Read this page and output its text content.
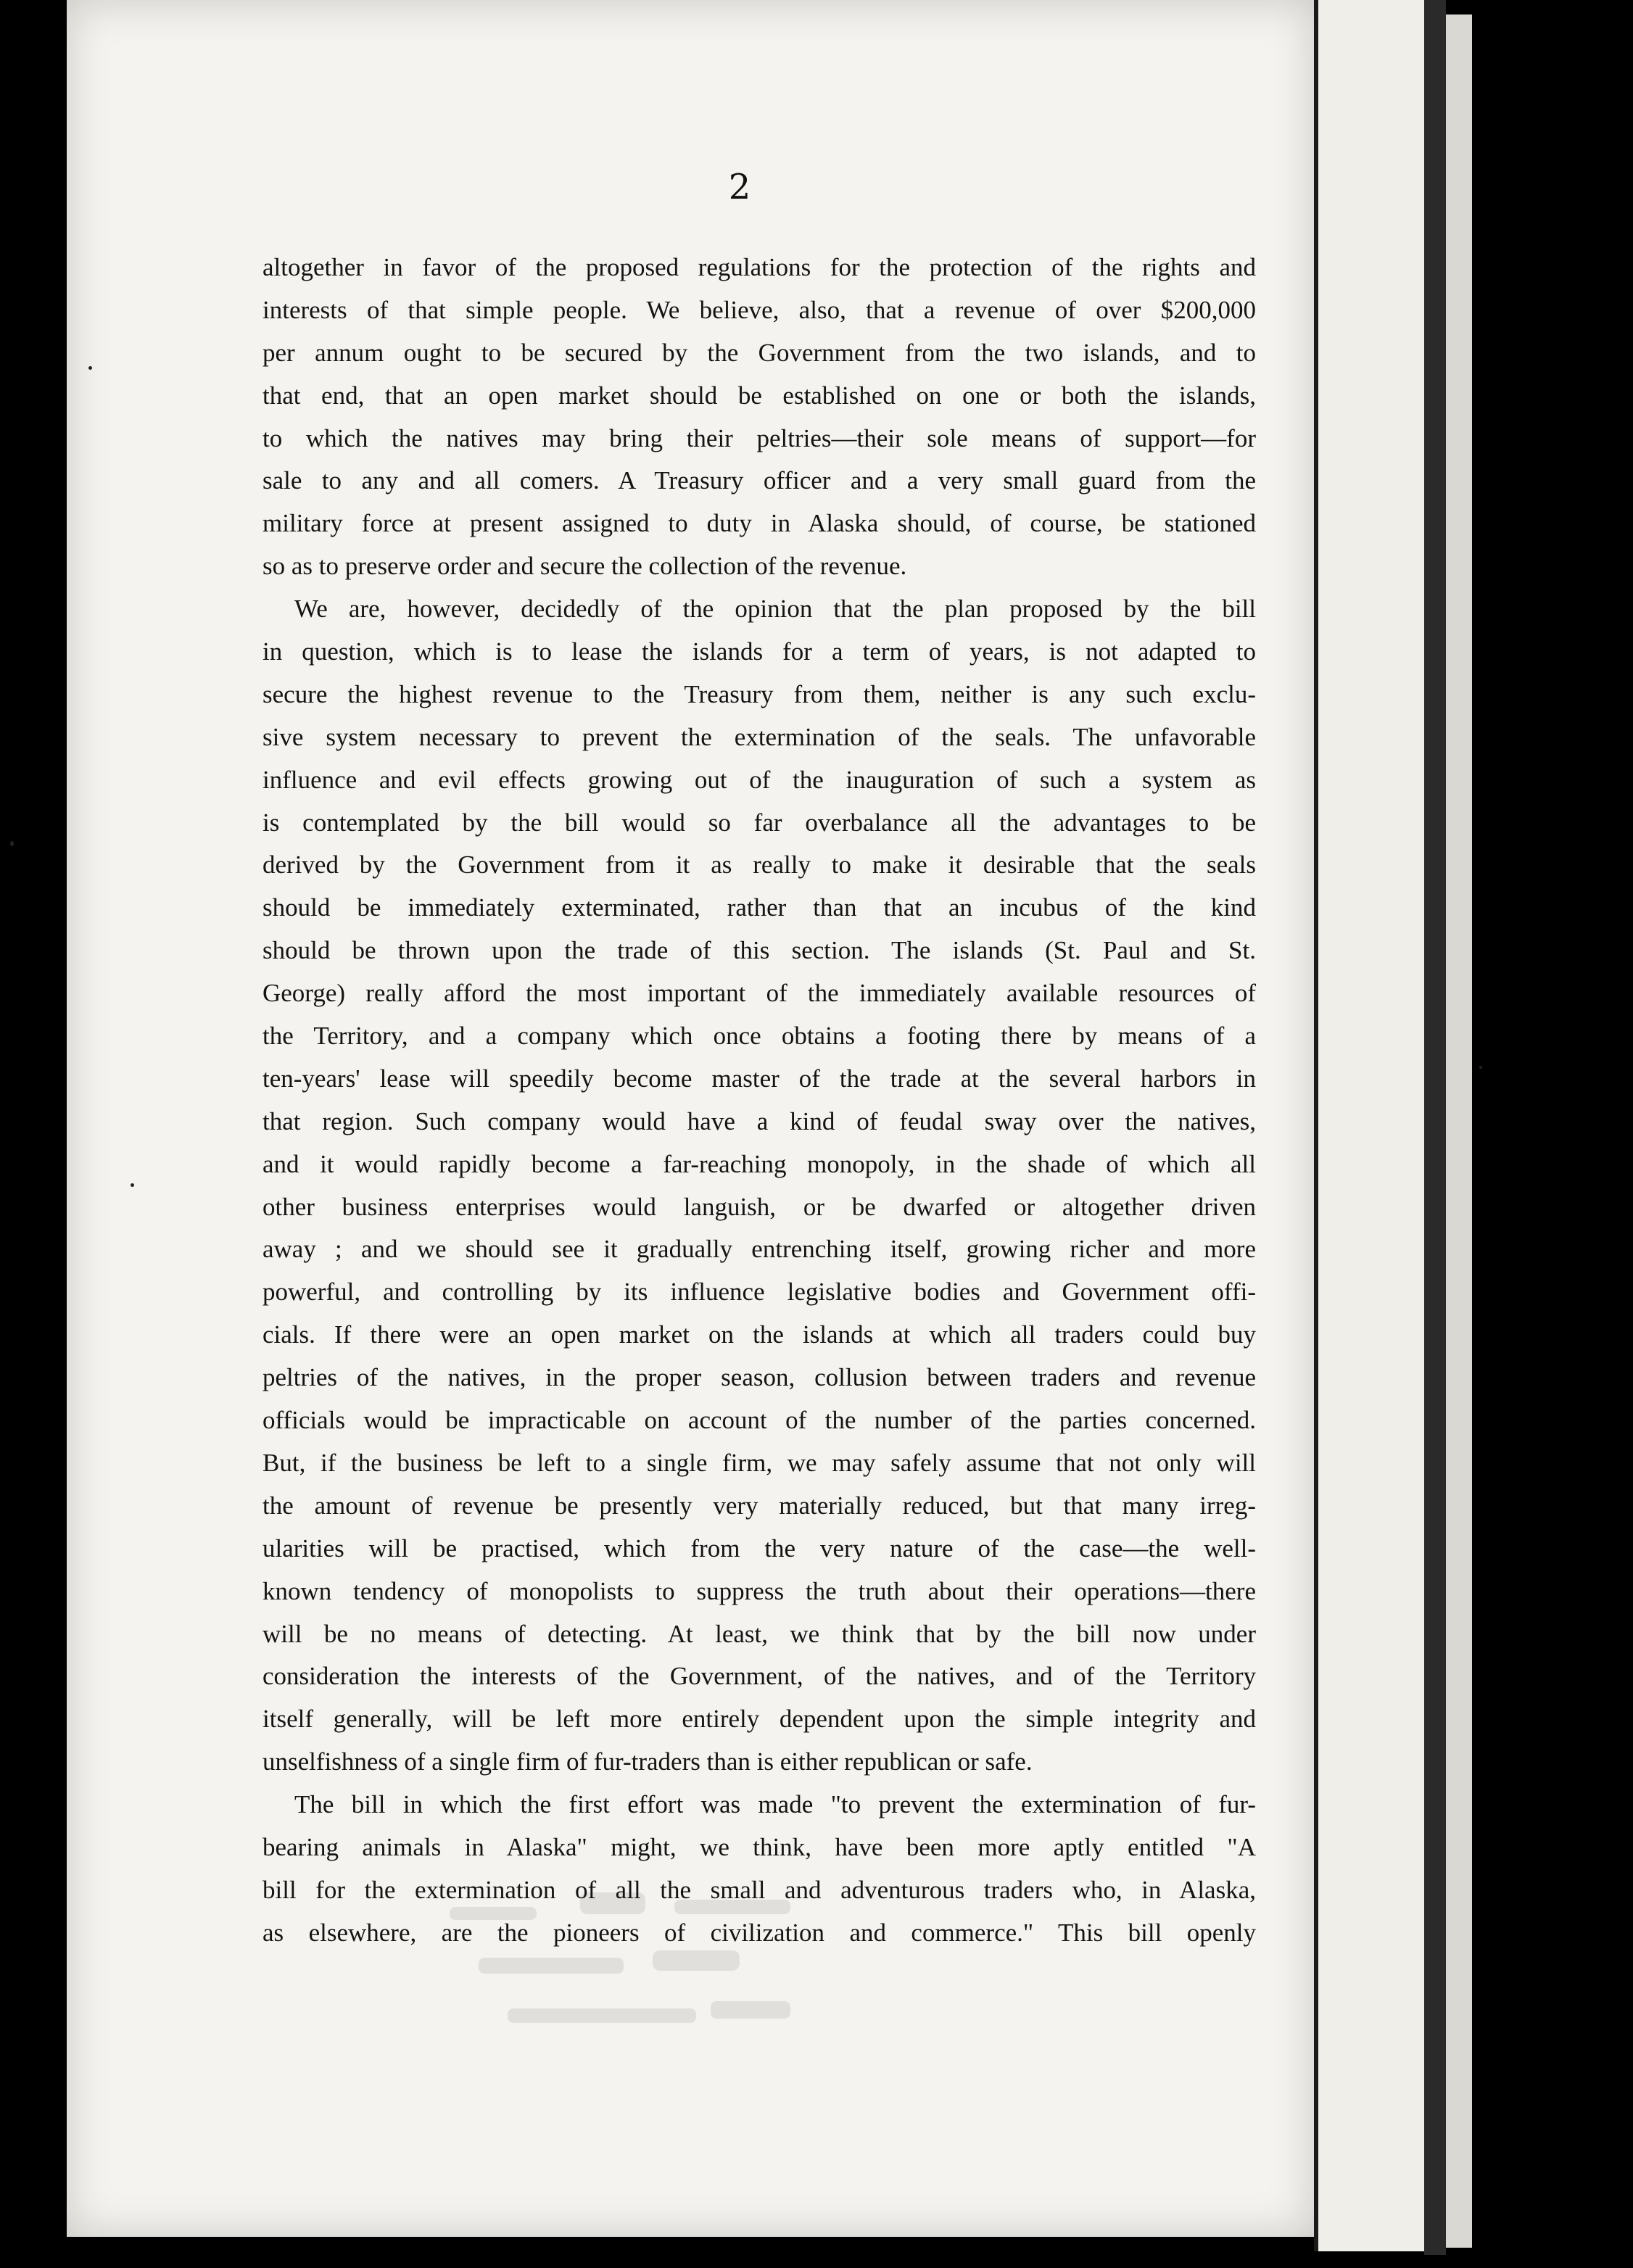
2
altogether in favor of the proposed regulations for the protection of the rights and
interests of that simple people. We believe, also, that a revenue of over $200,000
per annum ought to be secured by the Government from the two islands, and to
that end, that an open market should be established on one or both the islands,
to which the natives may bring their peltries—their sole means of support—for
sale to any and all comers. A Treasury officer and a very small guard from the
military force at present assigned to duty in Alaska should, of course, be stationed
so as to preserve order and secure the collection of the revenue.
We are, however, decidedly of the opinion that the plan proposed by the bill
in question, which is to lease the islands for a term of years, is not adapted to
secure the highest revenue to the Treasury from them, neither is any such exclu-
sive system necessary to prevent the extermination of the seals. The unfavorable
influence and evil effects growing out of the inauguration of such a system as
is contemplated by the bill would so far overbalance all the advantages to be
derived by the Government from it as really to make it desirable that the seals
should be immediately exterminated, rather than that an incubus of the kind
should be thrown upon the trade of this section. The islands (St. Paul and St.
George) really afford the most important of the immediately available resources of
the Territory, and a company which once obtains a footing there by means of a
ten-years' lease will speedily become master of the trade at the several harbors in
that region. Such company would have a kind of feudal sway over the natives,
and it would rapidly become a far-reaching monopoly, in the shade of which all
other business enterprises would languish, or be dwarfed or altogether driven
away ; and we should see it gradually entrenching itself, growing richer and more
powerful, and controlling by its influence legislative bodies and Government offi-
cials. If there were an open market on the islands at which all traders could buy
peltries of the natives, in the proper season, collusion between traders and revenue
officials would be impracticable on account of the number of the parties concerned.
But, if the business be left to a single firm, we may safely assume that not only will
the amount of revenue be presently very materially reduced, but that many irreg-
ularities will be practised, which from the very nature of the case—the well-
known tendency of monopolists to suppress the truth about their operations—there
will be no means of detecting. At least, we think that by the bill now under
consideration the interests of the Government, of the natives, and of the Territory
itself generally, will be left more entirely dependent upon the simple integrity and
unselfishness of a single firm of fur-traders than is either republican or safe.
The bill in which the first effort was made "to prevent the extermination of fur-
bearing animals in Alaska" might, we think, have been more aptly entitled "A
bill for the extermination of all the small and adventurous traders who, in Alaska,
as elsewhere, are the pioneers of civilization and commerce." This bill openly
